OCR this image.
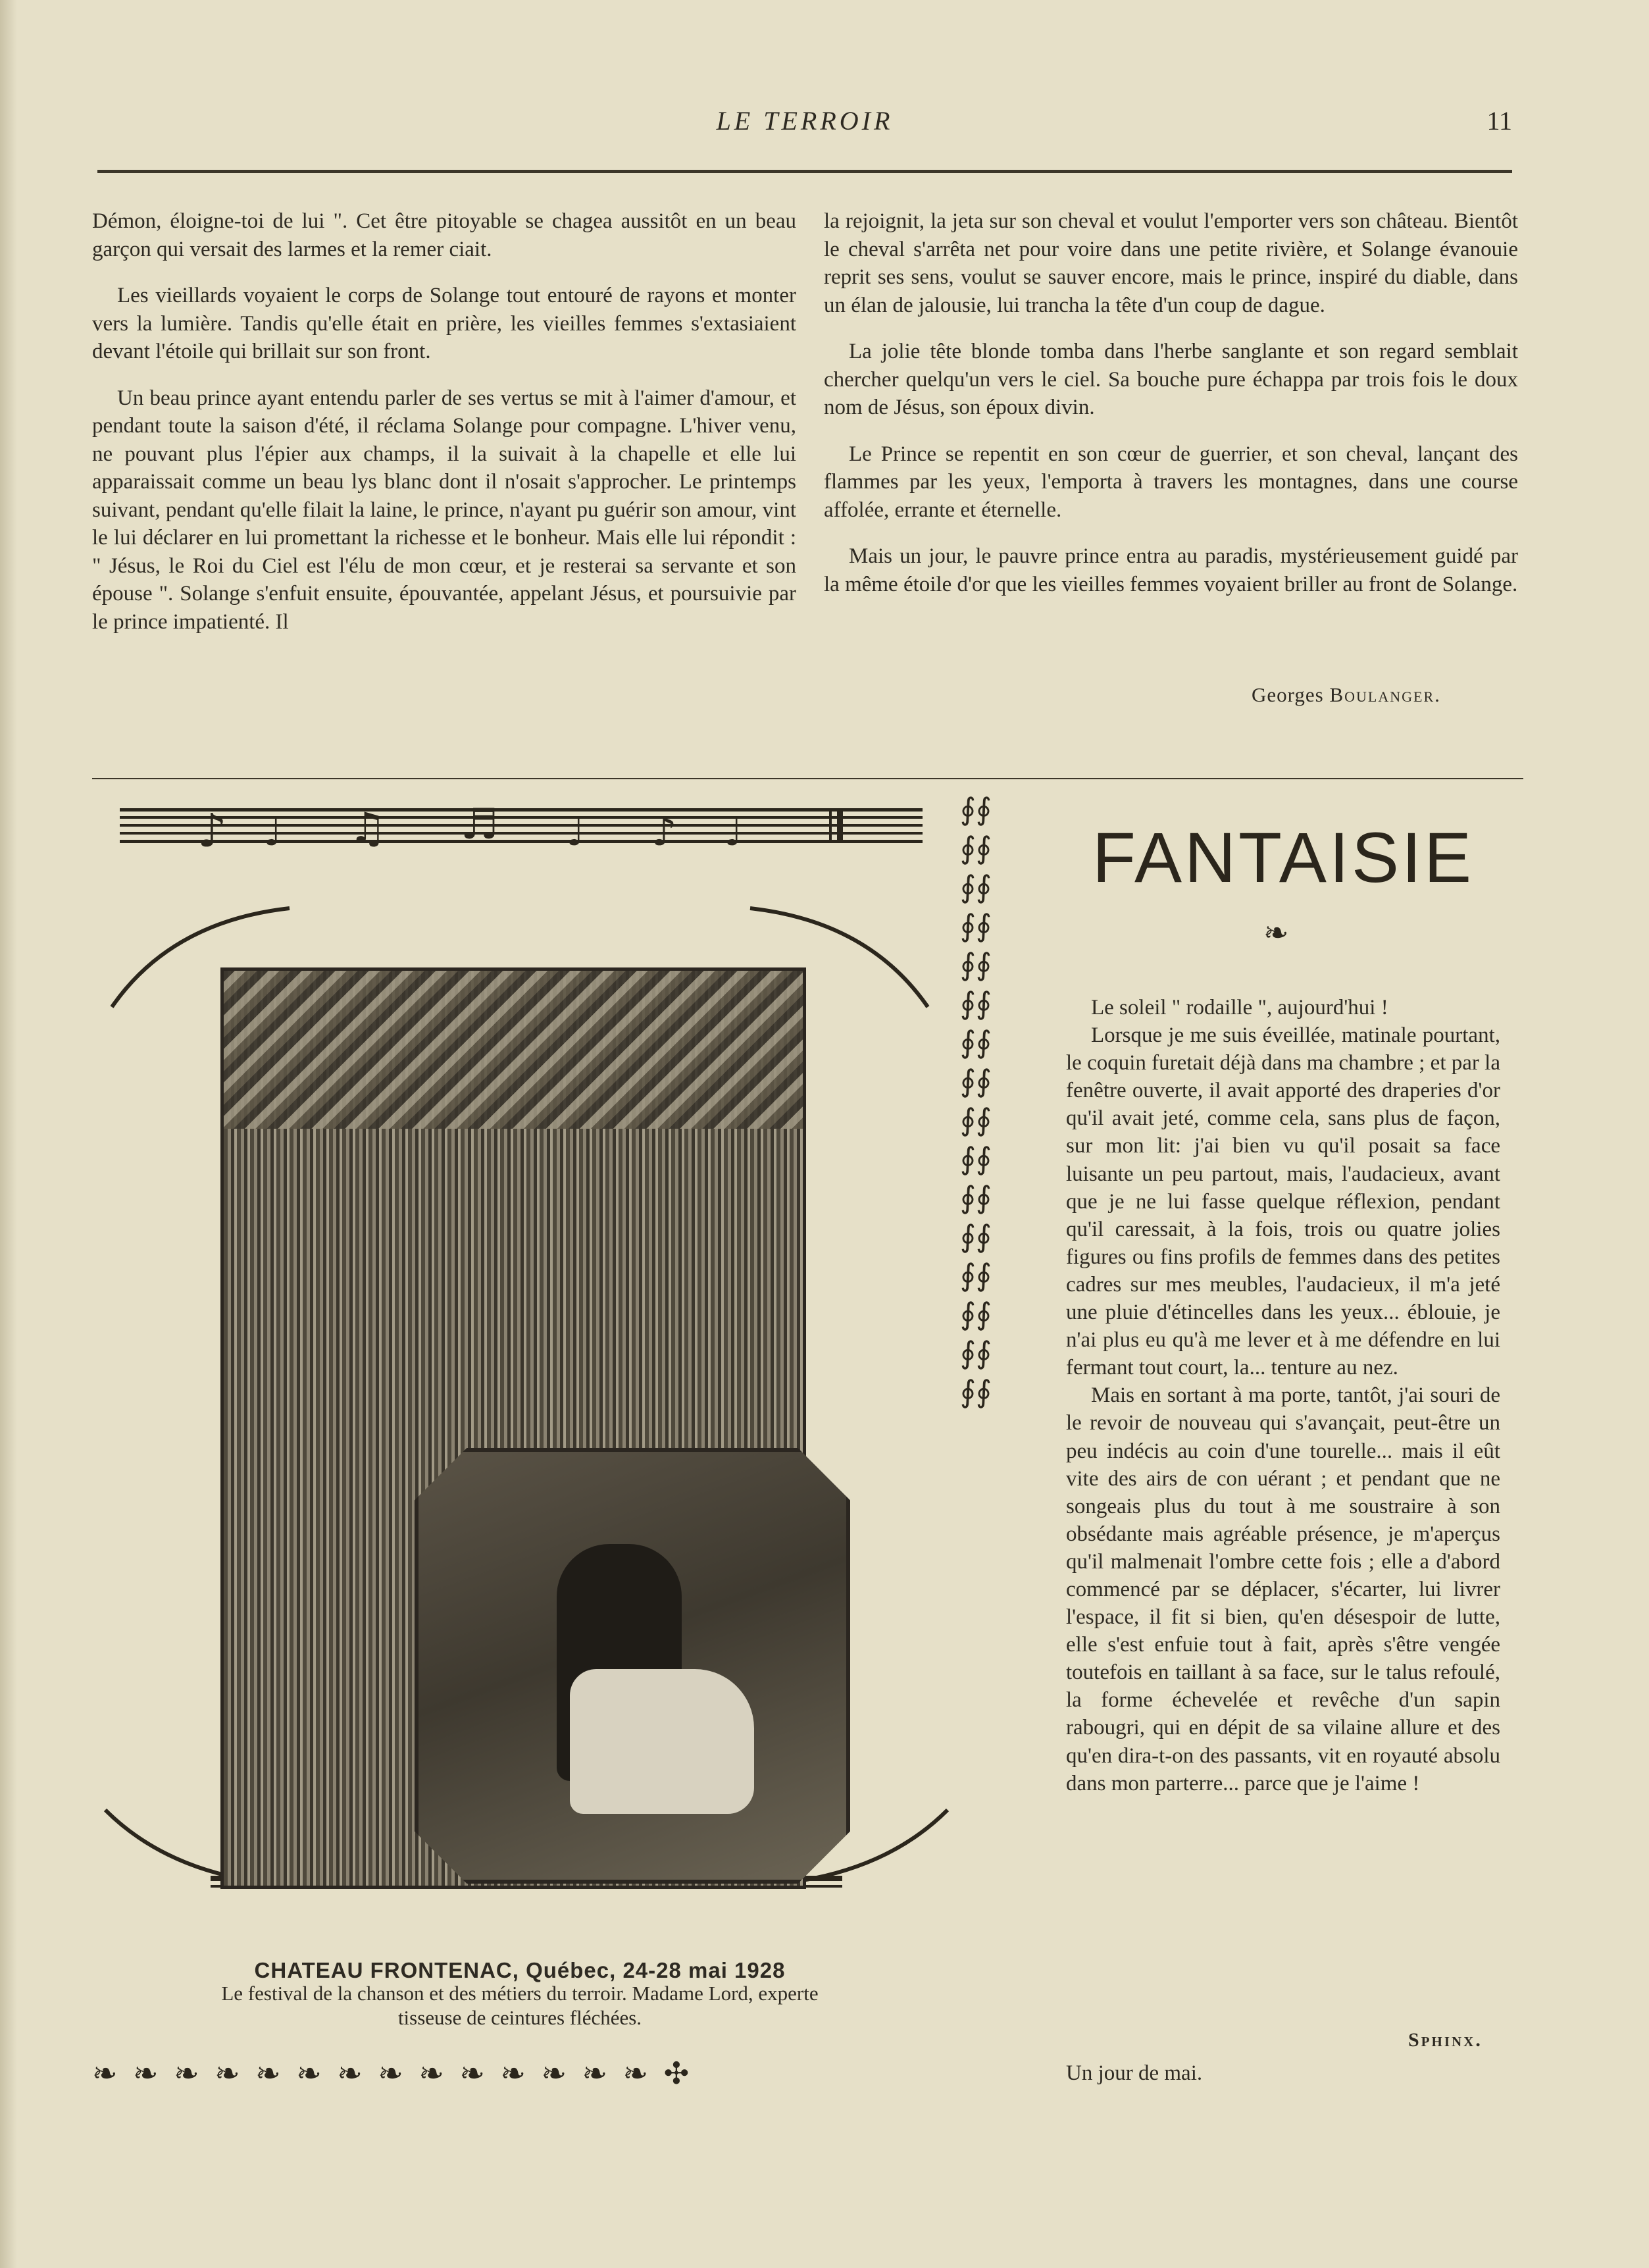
LE TERROIR	11

Démon, éloigne-toi de lui ". Cet être pitoyable se chagea aussitôt en un beau garçon qui versait des larmes et la remer ciait.

Les vieillards voyaient le corps de Solange tout entouré de rayons et monter vers la lumière. Tandis qu'elle était en prière, les vieilles femmes s'extasiaient devant l'étoile qui brillait sur son front.

Un beau prince ayant entendu parler de ses vertus se mit à l'aimer d'amour, et pendant toute la saison d'été, il réclama Solange pour compagne. L'hiver venu, ne pouvant plus l'épier aux champs, il la suivait à la chapelle et elle lui apparaissait comme un beau lys blanc dont il n'osait s'approcher. Le printemps suivant, pendant qu'elle filait la laine, le prince, n'ayant pu guérir son amour, vint le lui déclarer en lui promettant la richesse et le bonheur. Mais elle lui répondit : " Jésus, le Roi du Ciel est l'élu de mon cœur, et je resterai sa servante et son épouse ". Solange s'enfuit ensuite, épouvantée, appelant Jésus, et poursuivie par le prince impatienté. Il

la rejoignit, la jeta sur son cheval et voulut l'emporter vers son château. Bientôt le cheval s'arrêta net pour voire dans une petite rivière, et Solange évanouie reprit ses sens, voulut se sauver encore, mais le prince, inspiré du diable, dans un élan de jalousie, lui trancha la tête d'un coup de dague.

La jolie tête blonde tomba dans l'herbe sanglante et son regard semblait chercher quelqu'un vers le ciel. Sa bouche pure échappa par trois fois le doux nom de Jésus, son époux divin.

Le Prince se repentit en son cœur de guerrier, et son cheval, lançant des flammes par les yeux, l'emporta à travers les montagnes, dans une course affolée, errante et éternelle.

Mais un jour, le pauvre prince entra au paradis, mystérieusement guidé par la même étoile d'or que les vieilles femmes voyaient briller au front de Solange.

Georges Boulanger.
♪ ♩ ♫ ♬ ♩ ♪ ♩
CHATEAU FRONTENAC, Québec, 24-28 mai 1928
Le festival de la chanson et des métiers du terroir. Madame Lord, experte
tisseuse de ceintures fléchées.
∮∮∮∮∮∮∮∮∮∮∮∮∮∮∮∮∮∮∮∮∮∮∮∮∮∮∮∮∮∮∮∮
❧ ❧ ❧ ❧ ❧ ❧ ❧ ❧ ❧ ❧ ❧ ❧ ❧ ❧ ✣
FANTAISIE
❧

Le soleil " rodaille ", aujourd'hui !

Lorsque je me suis éveillée, matinale pourtant, le coquin furetait déjà dans ma chambre ; et par la fenêtre ouverte, il avait apporté des draperies d'or qu'il avait jeté, comme cela, sans plus de façon, sur mon lit: j'ai bien vu qu'il posait sa face luisante un peu partout, mais, l'audacieux, avant que je ne lui fasse quelque réflexion, pendant qu'il caressait, à la fois, trois ou quatre jolies figures ou fins profils de femmes dans des petites cadres sur mes meubles, l'audacieux, il m'a jeté une pluie d'étincelles dans les yeux... éblouie, je n'ai plus eu qu'à me lever et à me défendre en lui fermant tout court, la... tenture au nez.

Mais en sortant à ma porte, tantôt, j'ai souri de le revoir de nouveau qui s'avançait, peut-être un peu indécis au coin d'une tourelle... mais il eût vite des airs de con uérant ; et pendant que ne songeais plus du tout à me soustraire à son obsédante mais agréable présence, je m'aperçus qu'il malmenait l'ombre cette fois ; elle a d'abord commencé par se déplacer, s'écarter, lui livrer l'espace, il fit si bien, qu'en désespoir de lutte, elle s'est enfuie tout à fait, après s'être vengée toutefois en taillant à sa face, sur le talus refoulé, la forme échevelée et revêche d'un sapin rabougri, qui en dépit de sa vilaine allure et des qu'en dira-t-on des passants, vit en royauté absolu dans mon parterre... parce que je l'aime !

Sphinx.
Un jour de mai.
